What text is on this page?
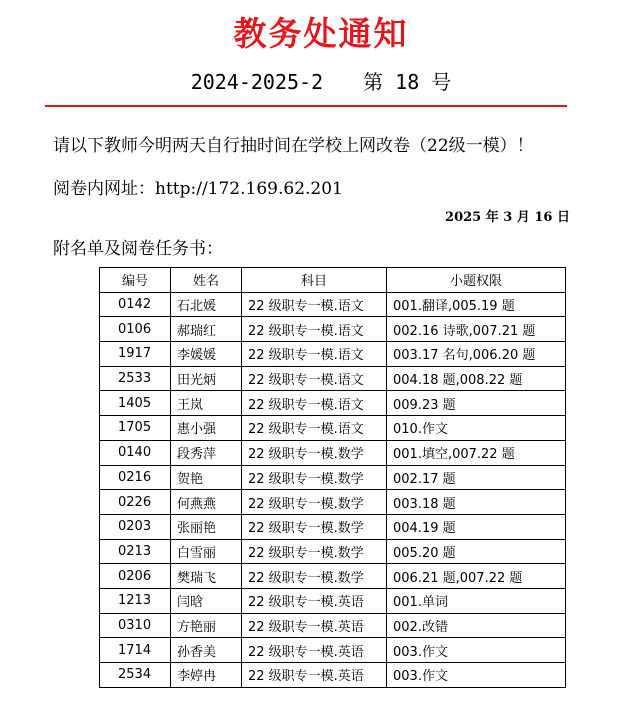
教务处通知
2024-2025-2 第 18 号
请以下教师今明两天自行抽时间在学校上网改卷（22级一模）！
阅卷内网址：http://172.169.62.201
2025 年 3 月 16 日
附名单及阅卷任务书：
编号	姓名	科目	小题权限
0142	石北媛	22 级职专一模.语文	001.翻译,005.19 题
0106	郝瑞红	22 级职专一模.语文	002.16 诗歌,007.21 题
1917	李媛媛	22 级职专一模.语文	003.17 名句,006.20 题
2533	田光炳	22 级职专一模.语文	004.18 题,008.22 题
1405	王岚	22 级职专一模.语文	009.23 题
1705	惠小强	22 级职专一模.语文	010.作文
0140	段秀萍	22 级职专一模.数学	001.填空,007.22 题
0216	贺艳	22 级职专一模.数学	002.17 题
0226	何燕燕	22 级职专一模.数学	003.18 题
0203	张丽艳	22 级职专一模.数学	004.19 题
0213	白雪丽	22 级职专一模.数学	005.20 题
0206	樊瑞飞	22 级职专一模.数学	006.21 题,007.22 题
1213	闫晗	22 级职专一模.英语	001.单词
0310	方艳丽	22 级职专一模.英语	002.改错
1714	孙香美	22 级职专一模.英语	003.作文
2534	李婷冉	22 级职专一模.英语	003.作文
